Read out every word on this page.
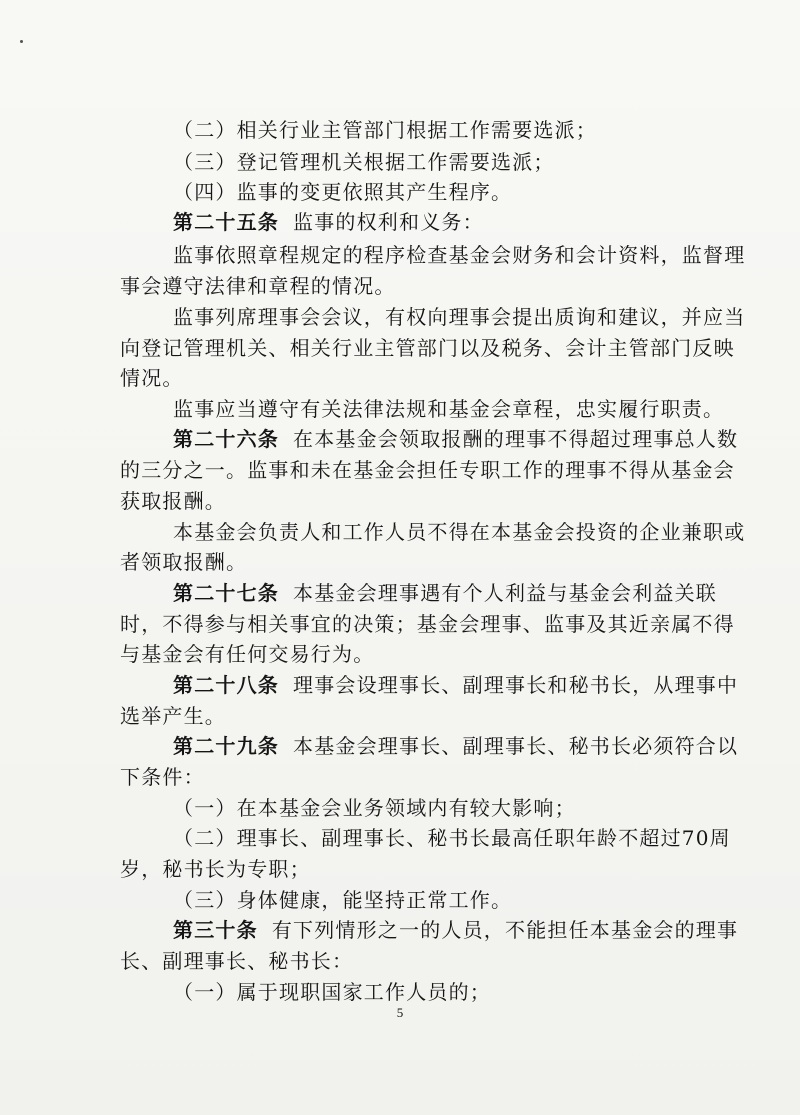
（二）相关行业主管部门根据工作需要选派；
（三）登记管理机关根据工作需要选派；
（四）监事的变更依照其产生程序。
第二十五条 监事的权利和义务：
监事依照章程规定的程序检查基金会财务和会计资料，监督理
事会遵守法律和章程的情况。
监事列席理事会会议，有权向理事会提出质询和建议，并应当
向登记管理机关、相关行业主管部门以及税务、会计主管部门反映
情况。
监事应当遵守有关法律法规和基金会章程，忠实履行职责。
第二十六条 在本基金会领取报酬的理事不得超过理事总人数
的三分之一。监事和未在基金会担任专职工作的理事不得从基金会
获取报酬。
本基金会负责人和工作人员不得在本基金会投资的企业兼职或
者领取报酬。
第二十七条 本基金会理事遇有个人利益与基金会利益关联
时，不得参与相关事宜的决策；基金会理事、监事及其近亲属不得
与基金会有任何交易行为。
第二十八条 理事会设理事长、副理事长和秘书长，从理事中
选举产生。
第二十九条 本基金会理事长、副理事长、秘书长必须符合以
下条件：
（一）在本基金会业务领域内有较大影响；
（二）理事长、副理事长、秘书长最高任职年龄不超过70周
岁，秘书长为专职；
（三）身体健康，能坚持正常工作。
第三十条 有下列情形之一的人员，不能担任本基金会的理事
长、副理事长、秘书长：
（一）属于现职国家工作人员的；
5
